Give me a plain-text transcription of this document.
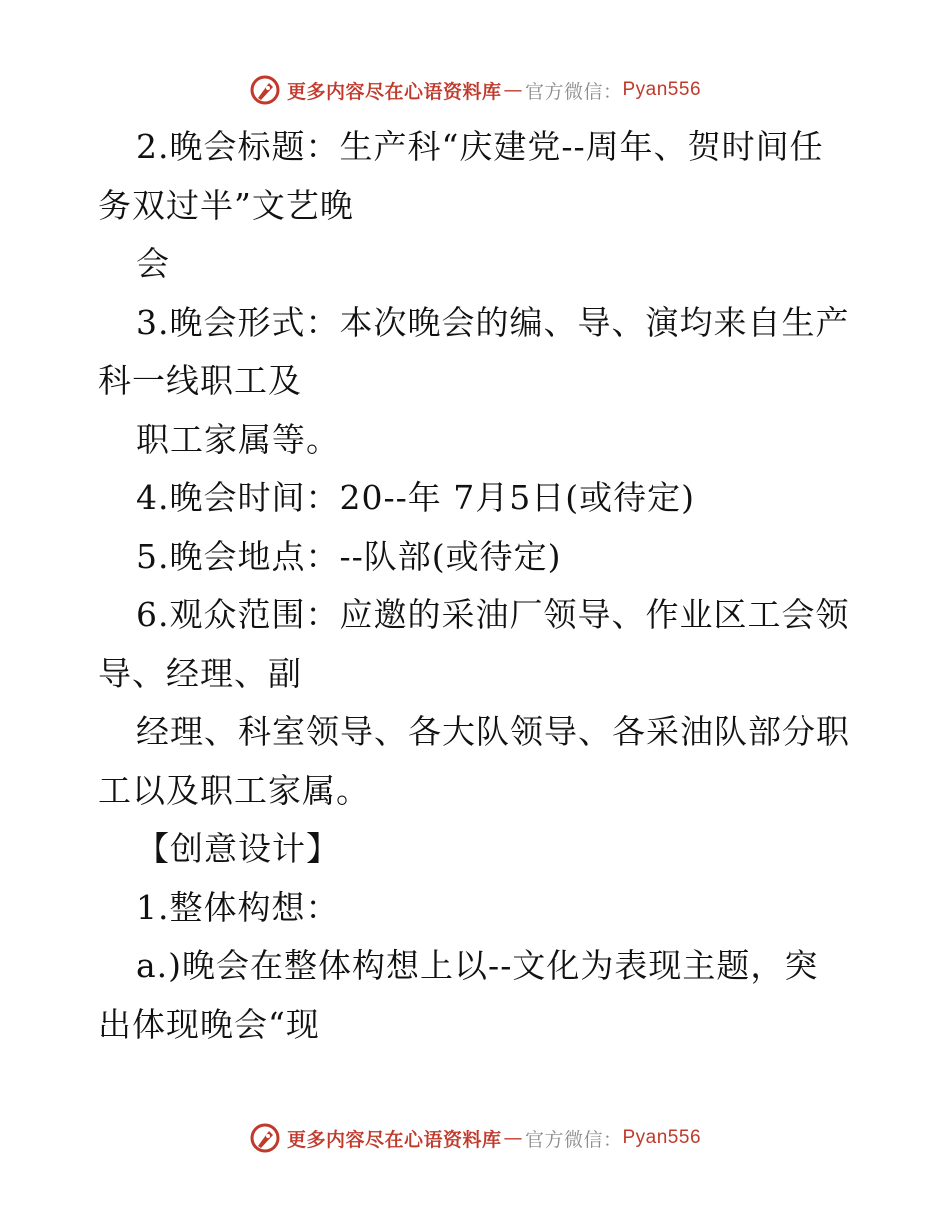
更多内容尽在心语资料库 — 官方微信： Pyan556
2.晚会标题：生产科“庆建党--周年、贺时间任
务双过半”文艺晚
会
3.晚会形式：本次晚会的编、导、演均来自生产
科一线职工及
职工家属等。
4.晚会时间：20--年 7月5日(或待定)
5.晚会地点：--队部(或待定)
6.观众范围：应邀的采油厂领导、作业区工会领
导、经理、副
经理、科室领导、各大队领导、各采油队部分职
工以及职工家属。
【创意设计】
1.整体构想：
a.)晚会在整体构想上以--文化为表现主题，突
出体现晚会“现
更多内容尽在心语资料库 — 官方微信： Pyan556
